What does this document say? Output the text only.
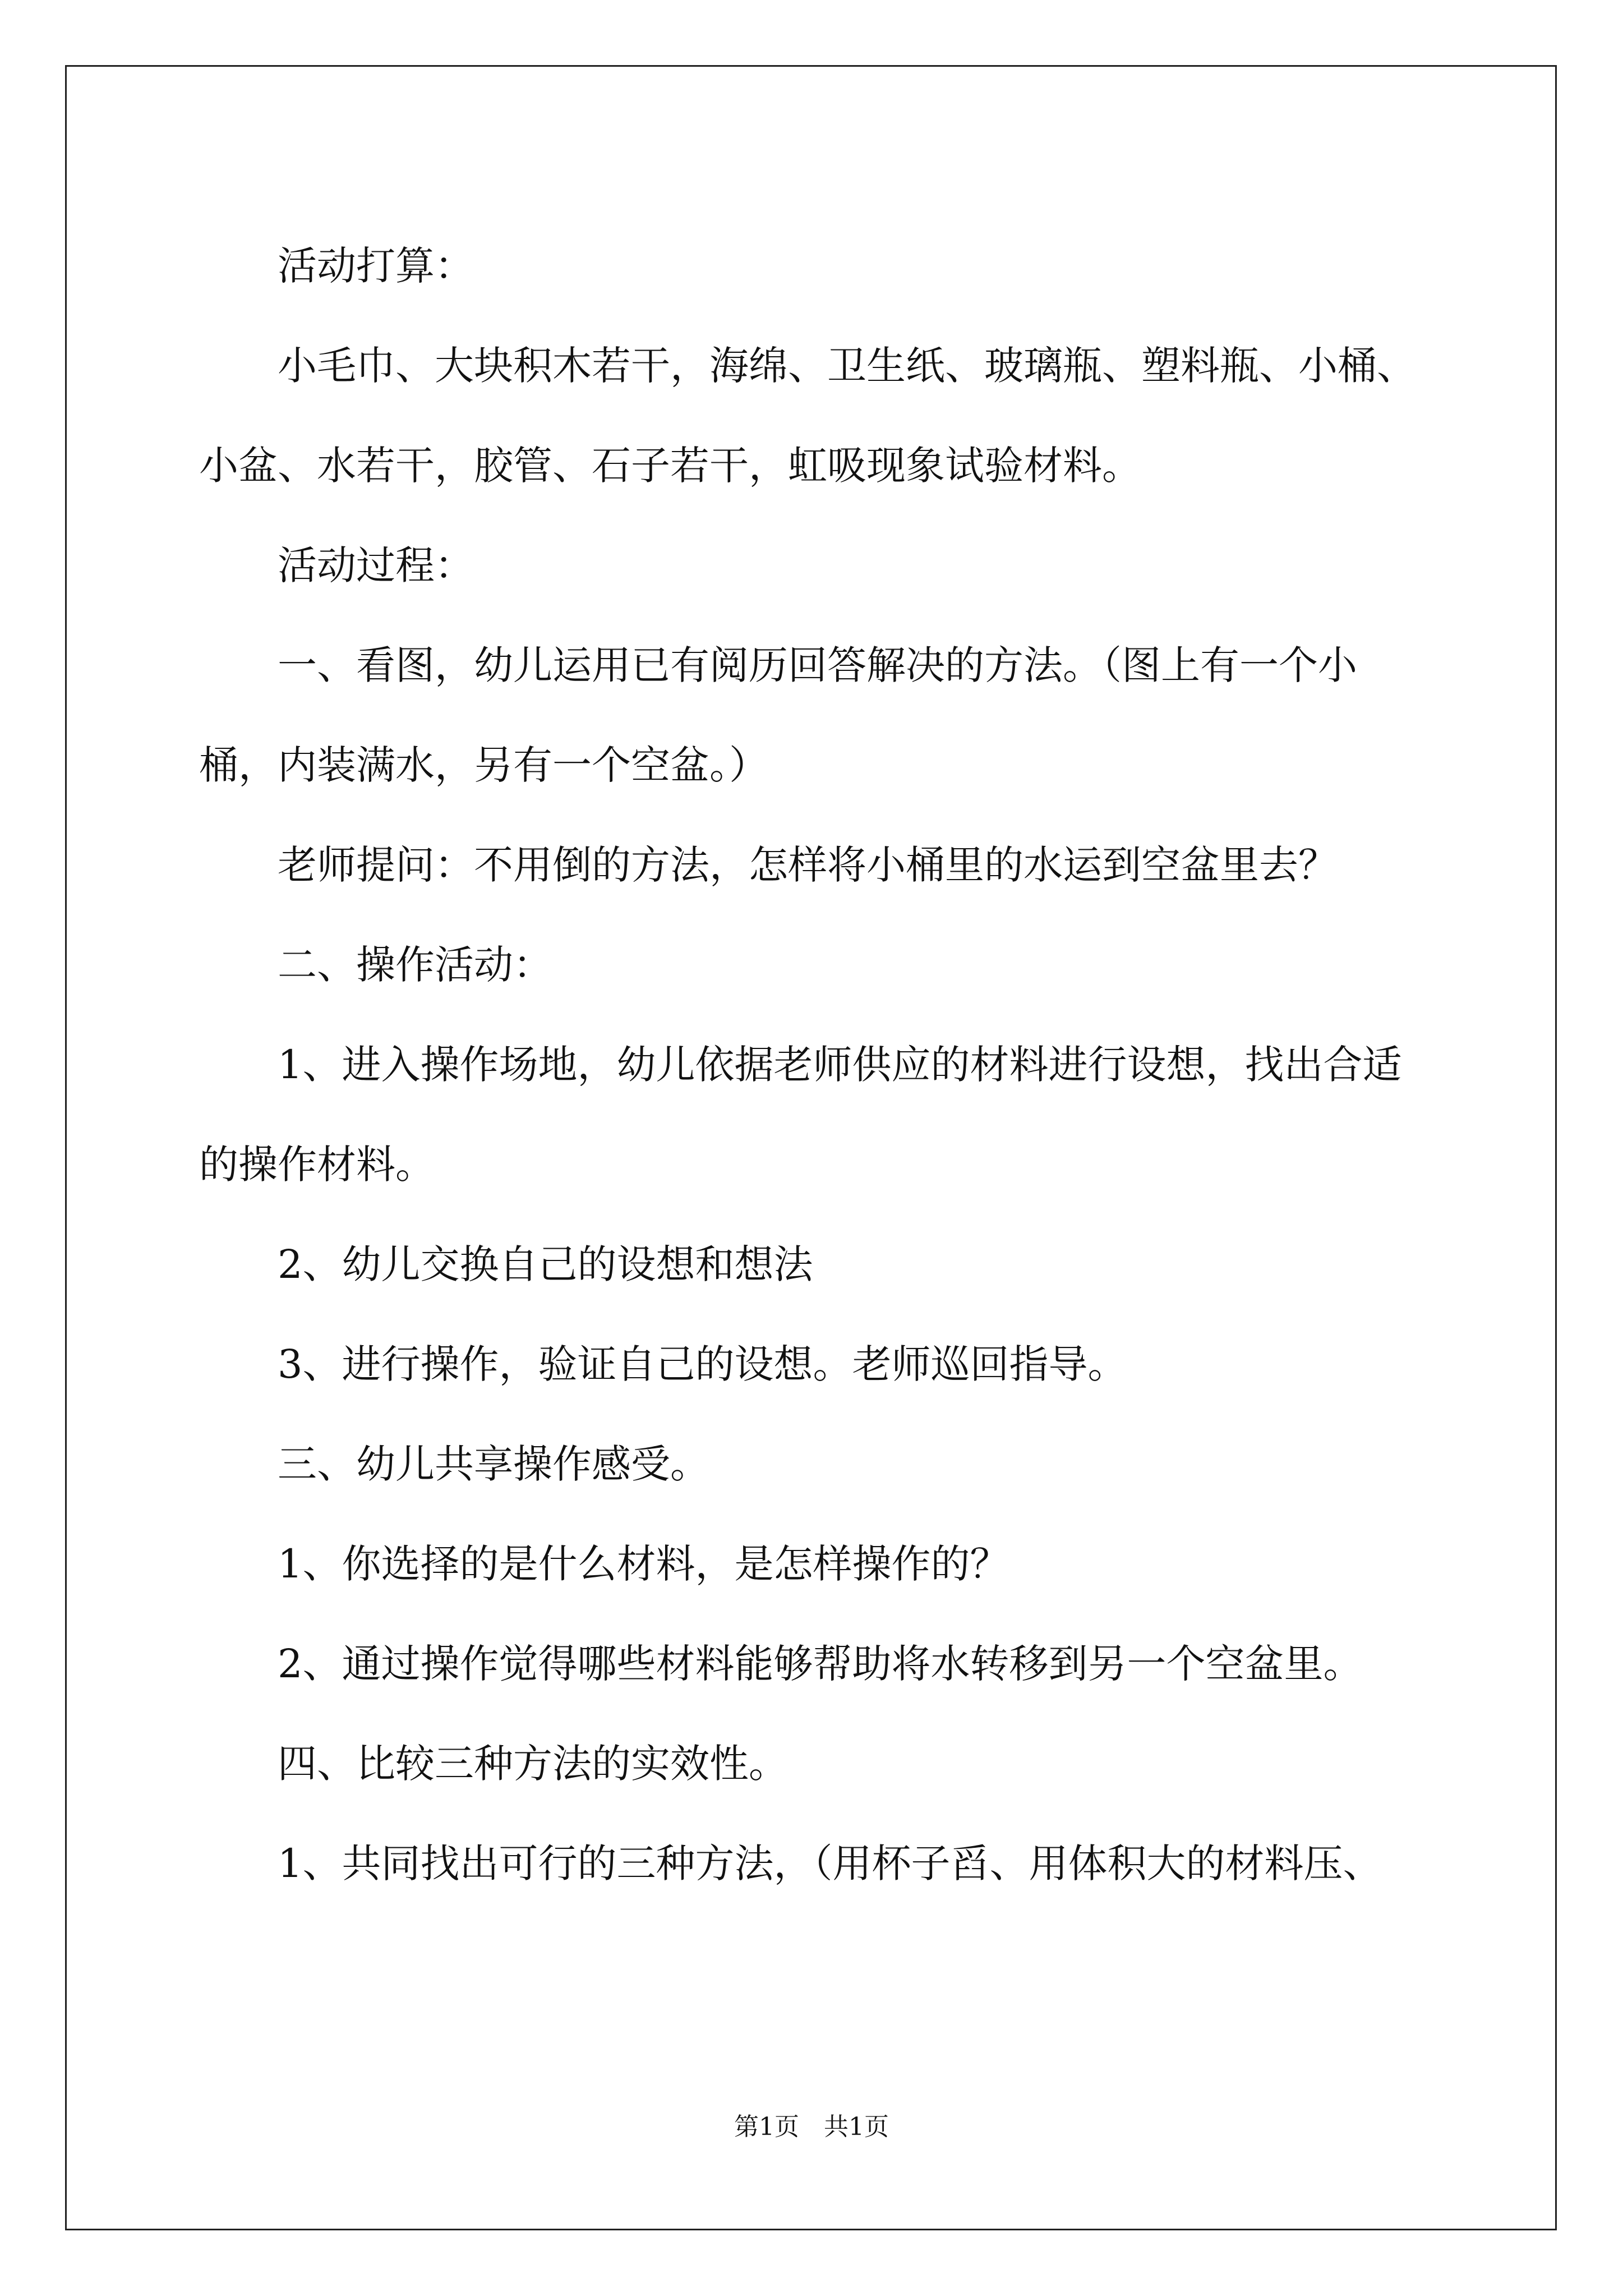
活动打算：

小毛巾、大块积木若干，海绵、卫生纸、玻璃瓶、塑料瓶、小桶、小盆、水若干，胶管、石子若干，虹吸现象试验材料。

活动过程：

一、看图，幼儿运用已有阅历回答解决的方法。（图上有一个小桶，内装满水，另有一个空盆。）

老师提问：不用倒的方法，怎样将小桶里的水运到空盆里去？

二、操作活动：

1、进入操作场地，幼儿依据老师供应的材料进行设想，找出合适的操作材料。

2、幼儿交换自己的设想和想法

3、进行操作，验证自己的设想。老师巡回指导。

三、幼儿共享操作感受。

1、你选择的是什么材料，是怎样操作的？

2、通过操作觉得哪些材料能够帮助将水转移到另一个空盆里。

四、比较三种方法的实效性。

1、共同找出可行的三种方法，（用杯子舀、用体积大的材料压、

第1页　共1页
